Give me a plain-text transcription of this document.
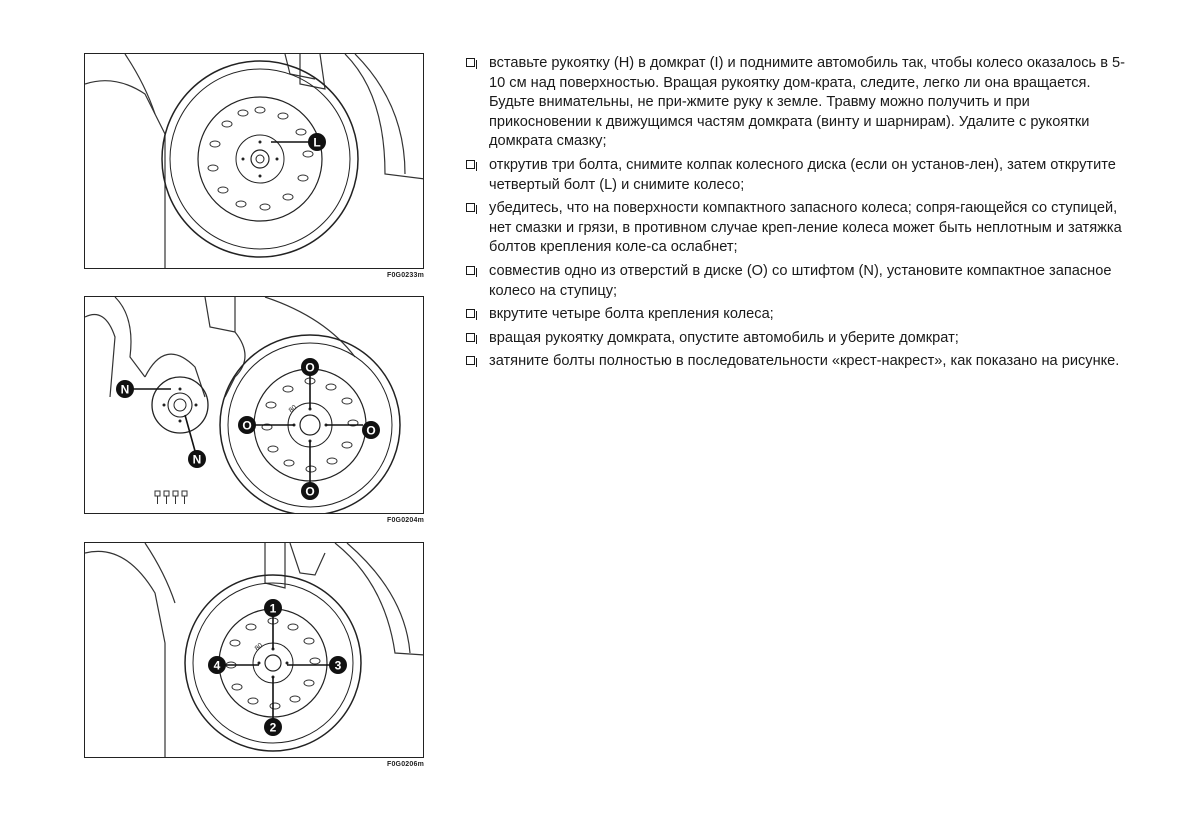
L
F0G0233m
80
N
N
O
O	O
O
F0G0204m
80
1
2
3
4
F0G0206m
вставьте рукоятку (H) в домкрат (I) и поднимите автомобиль так, чтобы колесо оказалось в 5-10 см над поверхностью. Вращая рукоятку дом-крата, следите, легко ли она вращается. Будьте внимательны, не при-жмите руку к земле. Травму можно получить и при прикосновении к движущимся частям домкрата (винту и шарнирам). Удалите с рукоятки домкрата смазку;
открутив три болта, снимите колпак колесного диска (если он установ-лен), затем открутите четвертый болт (L) и снимите колесо;
убедитесь, что на поверхности компактного запасного колеса; сопря-гающейся со ступицей, нет смазки и грязи, в противном случае креп-ление колеса может быть неплотным и затяжка болтов крепления коле-са ослабнет;
совместив одно из отверстий в диске (O) со штифтом (N), установите компактное запасное колесо на ступицу;
вкрутите четыре болта крепления колеса;
вращая рукоятку домкрата, опустите автомобиль и уберите домкрат;
затяните болты полностью в последовательности «крест-накрест», как показано на рисунке.
